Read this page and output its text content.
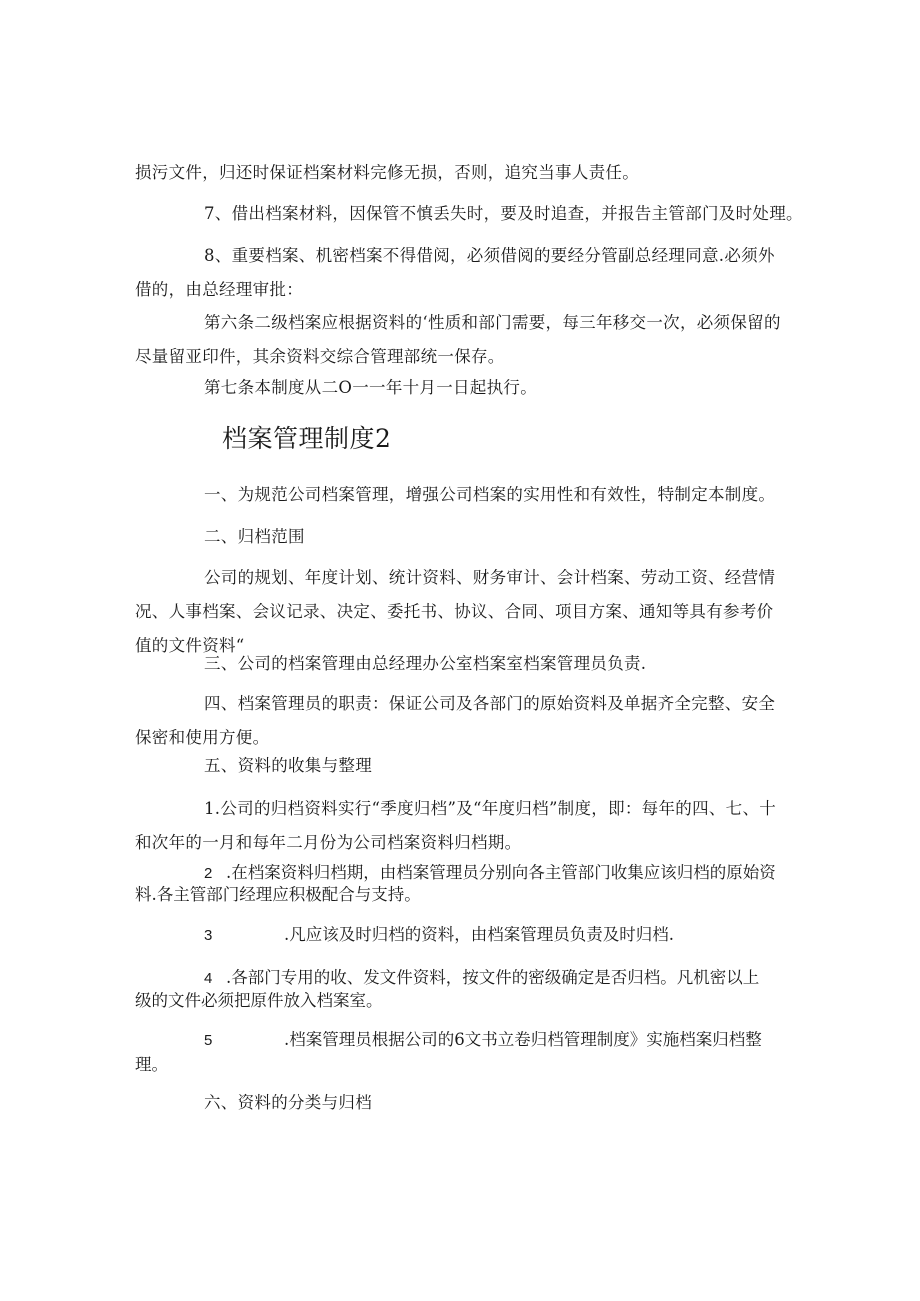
损污文件，归还时保证档案材料完修无损，否则，追究当事人责任。

7、借出档案材料，因保管不慎丢失时，要及时追查，并报告主管部门及时处理。

8、重要档案、机密档案不得借阅，必须借阅的要经分管副总经理同意.必须外借的，由总经理审批：

第六条二级档案应根据资料的‘性质和部门需要，每三年移交一次，必须保留的尽量留亚印件，其余资料交综合管理部统一保存。

第七条本制度从二O一一年十月一日起执行。

档案管理制度2

一、为规范公司档案管理，增强公司档案的实用性和有效性，特制定本制度。

二、归档范围

公司的规划、年度计划、统计资料、财务审计、会计档案、劳动工资、经营情况、人事档案、会议记录、决定、委托书、协议、合同、项目方案、通知等具有参考价值的文件资料“

三、公司的档案管理由总经理办公室档案室档案管理员负责.

四、档案管理员的职责：保证公司及各部门的原始资料及单据齐全完整、安全保密和使用方便。

五、资料的收集与整理

1.公司的归档资料实行“季度归档”及“年度归档”制度，即：每年的四、七、十和次年的一月和每年二月份为公司档案资料归档期。

2 .在档案资料归档期，由档案管理员分别向各主管部门收集应该归档的原始资

料.各主管部门经理应积极配合与支持。

3	.凡应该及时归档的资料，由档案管理员负责及时归档.

4 .各部门专用的收、发文件资料，按文件的密级确定是否归档。凡机密以上

级的文件必须把原件放入档案室。

5	.档案管理员根据公司的6文书立卷归档管理制度》实施档案归档整

理。

六、资料的分类与归档
